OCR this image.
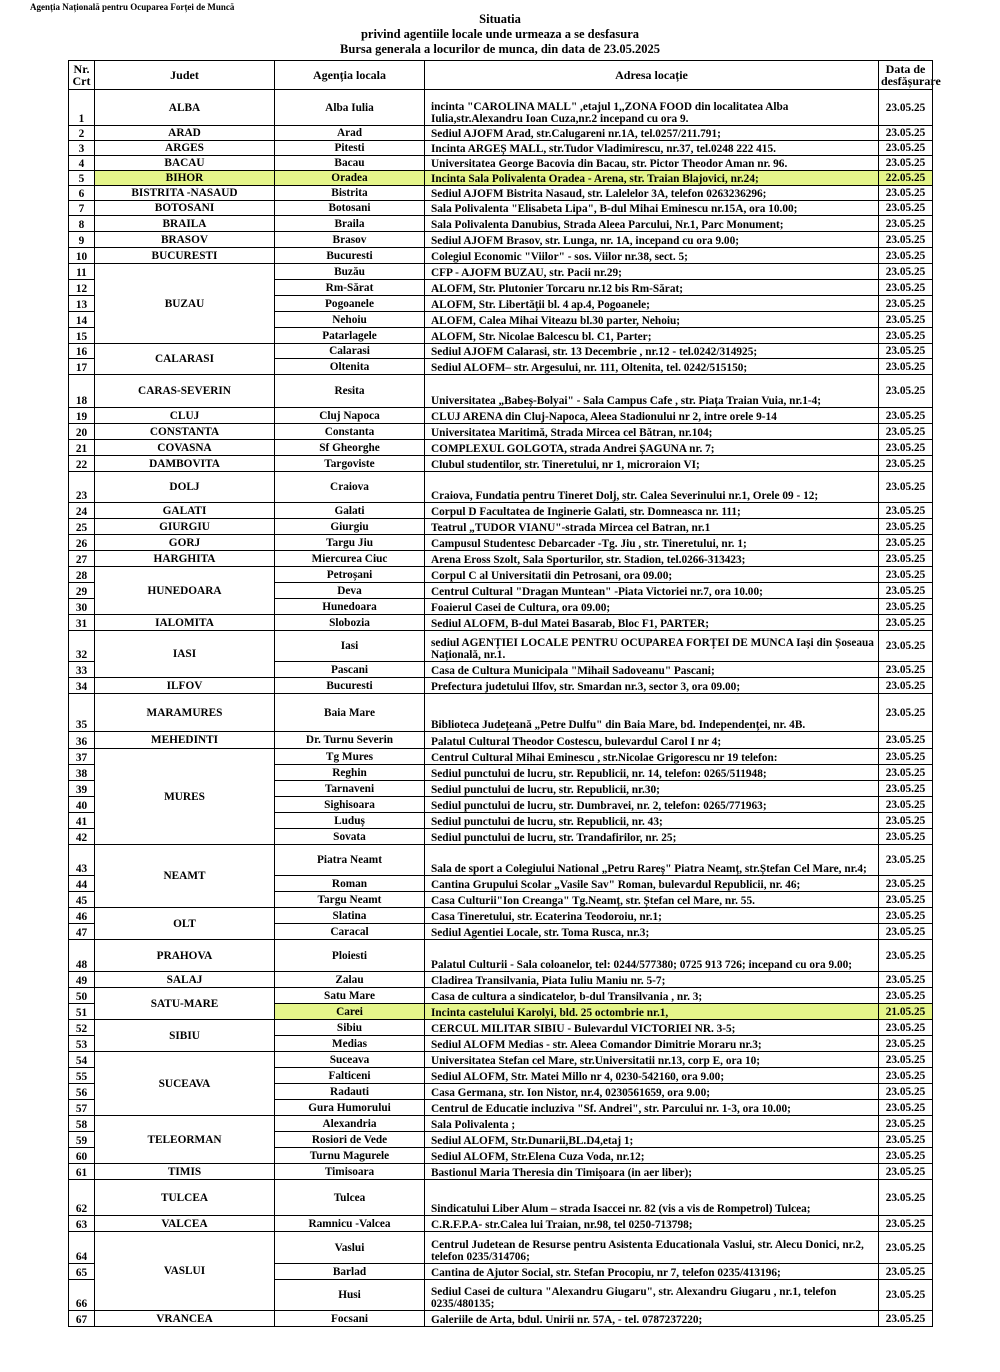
Agenția Națională pentru Ocuparea Forței de Muncă
Situatia
privind agentiile locale unde urmeaza a se desfasura
Bursa generala a locurilor de munca, din data de 23.05.2025
Nr. Crt	Judet	Agenția locala	Adresa locație	Data de desfășurare
1	ALBA	Alba Iulia	incinta "CAROLINA MALL" ,etajul 1,,ZONA FOOD din localitatea Alba Iulia,str.Alexandru Ioan Cuza,nr.2 incepand cu ora 9.	23.05.25
2	ARAD	Arad	Sediul AJOFM Arad, str.Calugareni nr.1A, tel.0257/211.791;	23.05.25
3	ARGES	Pitesti	Incinta ARGEȘ MALL, str.Tudor Vladimirescu, nr.37, tel.0248 222 415.	23.05.25
4	BACAU	Bacau	Universitatea George Bacovia din Bacau, str. Pictor Theodor Aman nr. 96.	23.05.25
5	BIHOR	Oradea	Incinta Sala Polivalenta Oradea - Arena, str. Traian Blajovici, nr.24;	22.05.25
6	BISTRITA -NASAUD	Bistrita	Sediul AJOFM Bistrita Nasaud, str. Lalelelor 3A, telefon 0263236296;	23.05.25
7	BOTOSANI	Botosani	Sala Polivalenta "Elisabeta Lipa", B-dul Mihai Eminescu nr.15A, ora 10.00;	23.05.25
8	BRAILA	Braila	Sala Polivalenta Danubius, Strada Aleea Parcului, Nr.1, Parc Monument;	23.05.25
9	BRASOV	Brasov	Sediul AJOFM Brasov, str. Lunga, nr. 1A, incepand cu ora 9.00;	23.05.25
10	BUCURESTI	Bucuresti	Colegiul Economic "Viilor" - sos. Viilor nr.38, sect. 5;	23.05.25
11	BUZAU	Buzău	CFP - AJOFM BUZAU, str. Pacii nr.29;	23.05.25
12		Rm-Sărat	ALOFM, Str. Plutonier Torcaru nr.12 bis Rm-Sărat;	23.05.25
13		Pogoanele	ALOFM, Str. Libertății bl. 4 ap.4, Pogoanele;	23.05.25
14		Nehoiu	ALOFM, Calea Mihai Viteazu bl.30 parter, Nehoiu;	23.05.25
15		Patarlagele	ALOFM, Str. Nicolae Balcescu bl. C1, Parter;	23.05.25
16	CALARASI	Calarasi	Sediul AJOFM Calarasi, str. 13 Decembrie , nr.12 - tel.0242/314925;	23.05.25
17		Oltenita	Sediul ALOFM– str. Argesului, nr. 111, Oltenita, tel. 0242/515150;	23.05.25
18	CARAS-SEVERIN	Resita	Universitatea „Babeș-Bolyai" - Sala Campus Cafe , str. Piața Traian Vuia, nr.1-4;	23.05.25
19	CLUJ	Cluj Napoca	CLUJ ARENA din Cluj-Napoca, Aleea Stadionului nr 2, intre orele 9-14	23.05.25
20	CONSTANTA	Constanta	Universitatea Maritimă, Strada Mircea cel Bătran, nr.104;	23.05.25
21	COVASNA	Sf Gheorghe	COMPLEXUL GOLGOTA, strada Andrei ȘAGUNA nr. 7;	23.05.25
22	DAMBOVITA	Targoviste	Clubul studentilor, str. Tineretului, nr 1, microraion VI;	23.05.25
23	DOLJ	Craiova	Craiova, Fundatia pentru Tineret Dolj, str. Calea Severinului nr.1, Orele 09 - 12;	23.05.25
24	GALATI	Galati	Corpul D Facultatea de Inginerie Galati, str. Domneasca nr. 111;	23.05.25
25	GIURGIU	Giurgiu	Teatrul „TUDOR VIANU"-strada Mircea cel Batran, nr.1	23.05.25
26	GORJ	Targu Jiu	Campusul Studentesc Debarcader -Tg. Jiu , str. Tineretului, nr. 1;	23.05.25
27	HARGHITA	Miercurea Ciuc	Arena Eross Szolt, Sala Sporturilor, str. Stadion, tel.0266-313423;	23.05.25
28	HUNEDOARA	Petroșani	Corpul C al Universitatii din Petrosani, ora 09.00;	23.05.25
29		Deva	Centrul Cultural "Dragan Muntean" -Piata Victoriei nr.7, ora 10.00;	23.05.25
30		Hunedoara	Foaierul Casei de Cultura, ora 09.00;	23.05.25
31	IALOMITA	Slobozia	Sediul ALOFM, B-dul Matei Basarab, Bloc F1, PARTER;	23.05.25
32	IASI	Iasi	sediul AGENȚIEI LOCALE PENTRU OCUPAREA FORȚEI DE MUNCA Iași din Șoseaua Națională, nr.1.	23.05.25
33		Pascani	Casa de Cultura Municipala "Mihail Sadoveanu" Pascani;	23.05.25
34	ILFOV	Bucuresti	Prefectura judetului Ilfov, str. Smardan nr.3, sector 3, ora 09.00;	23.05.25
35	MARAMURES	Baia Mare	Biblioteca Județeană „Petre Dulfu" din Baia Mare, bd. Independenței, nr. 4B.	23.05.25
36	MEHEDINTI	Dr. Turnu Severin	Palatul Cultural Theodor Costescu, bulevardul Carol I nr 4;	23.05.25
37	MURES	Tg Mures	Centrul Cultural Mihai Eminescu , str.Nicolae Grigorescu nr 19 telefon:	23.05.25
38		Reghin	Sediul punctului de lucru, str. Republicii, nr. 14, telefon: 0265/511948;	23.05.25
39		Tarnaveni	Sediul punctului de lucru, str. Republicii, nr.30;	23.05.25
40		Sighisoara	Sediul punctului de lucru, str. Dumbravei, nr. 2, telefon: 0265/771963;	23.05.25
41		Luduș	Sediul punctului de lucru, str. Republicii, nr. 43;	23.05.25
42		Sovata	Sediul punctului de lucru, str. Trandafirilor, nr. 25;	23.05.25
43	NEAMT	Piatra Neamt	Sala de sport a Colegiului National „Petru Rareș" Piatra Neamț, str.Ștefan Cel Mare, nr.4;	23.05.25
44		Roman	Cantina Grupului Scolar „Vasile Sav" Roman, bulevardul Republicii, nr. 46;	23.05.25
45		Targu Neamt	Casa Culturii"Ion Creanga" Tg.Neamț, str. Ștefan cel Mare, nr. 55.	23.05.25
46	OLT	Slatina	Casa Tineretului, str. Ecaterina Teodoroiu, nr.1;	23.05.25
47		Caracal	Sediul Agentiei Locale, str. Toma Rusca, nr.3;	23.05.25
48	PRAHOVA	Ploiesti	Palatul Culturii - Sala coloanelor, tel: 0244/577380; 0725 913 726; incepand cu ora 9.00;	23.05.25
49	SALAJ	Zalau	Cladirea Transilvania, Piata Iuliu Maniu nr. 5-7;	23.05.25
50	SATU-MARE	Satu Mare	Casa de cultura a sindicatelor, b-dul Transilvania , nr. 3;	23.05.25
51		Carei	Incinta castelului Karolyi, bld. 25 octombrie nr.1,	21.05.25
52	SIBIU	Sibiu	CERCUL MILITAR SIBIU - Bulevardul VICTORIEI NR. 3-5;	23.05.25
53		Medias	Sediul ALOFM Medias - str. Aleea Comandor Dimitrie Moraru nr.3;	23.05.25
54	SUCEAVA	Suceava	Universitatea Stefan cel Mare, str.Universitatii nr.13, corp E, ora 10;	23.05.25
55		Falticeni	Sediul ALOFM, Str. Matei Millo nr 4, 0230-542160, ora 9.00;	23.05.25
56		Radauti	Casa Germana, str. Ion Nistor, nr.4, 0230561659, ora 9.00;	23.05.25
57		Gura Humorului	Centrul de Educatie incluziva "Sf. Andrei", str. Parcului nr. 1-3, ora 10.00;	23.05.25
58	TELEORMAN	Alexandria	Sala Polivalenta ;	23.05.25
59		Rosiori de Vede	Sediul ALOFM, Str.Dunarii,BL.D4,etaj 1;	23.05.25
60		Turnu Magurele	Sediul ALOFM, Str.Elena Cuza Voda, nr.12;	23.05.25
61	TIMIS	Timisoara	Bastionul Maria Theresia din Timișoara (in aer liber);	23.05.25
62	TULCEA	Tulcea	Sindicatului Liber Alum – strada Isaccei nr. 82 (vis a vis de Rompetrol) Tulcea;	23.05.25
63	VALCEA	Ramnicu -Valcea	C.R.F.P.A- str.Calea lui Traian, nr.98, tel 0250-713798;	23.05.25
64	VASLUI	Vaslui	Centrul Judetean de Resurse pentru Asistenta Educationala Vaslui, str. Alecu Donici, nr.2, telefon 0235/314706;	23.05.25
65		Barlad	Cantina de Ajutor Social, str. Stefan Procopiu, nr 7, telefon 0235/413196;	23.05.25
66		Husi	Sediul Casei de cultura "Alexandru Giugaru", str. Alexandru Giugaru , nr.1, telefon 0235/480135;	23.05.25
67	VRANCEA	Focsani	Galeriile de Arta, bdul. Unirii nr. 57A, - tel. 0787237220;	23.05.25
